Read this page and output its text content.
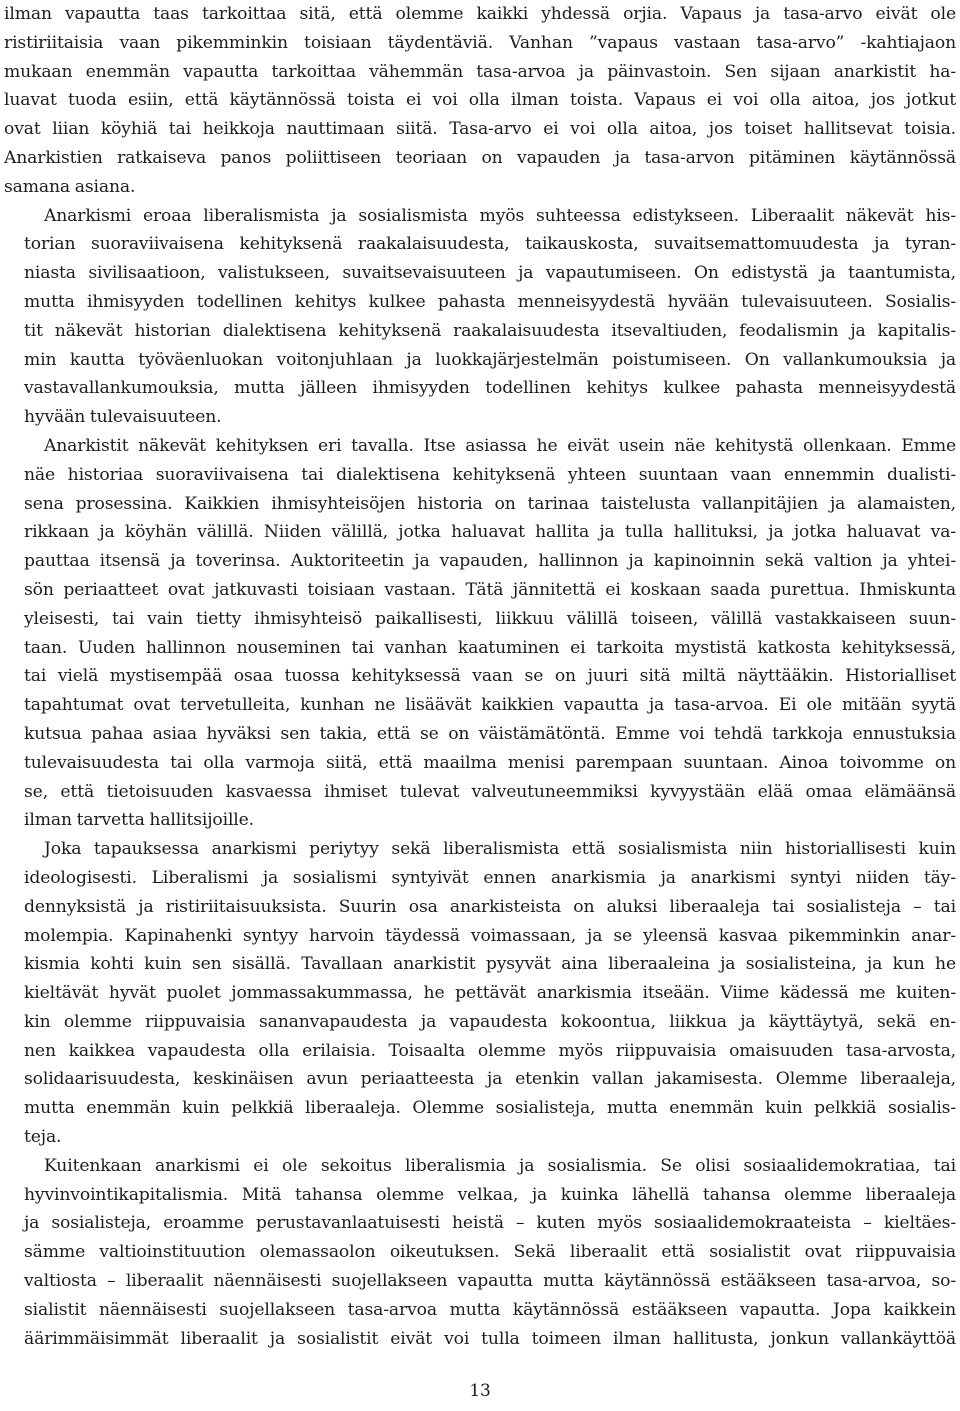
ilman vapautta taas tarkoittaa sitä, että olemme kaikki yhdessä orjia. Vapaus ja tasa-arvo eivät ole
ristiriitaisia vaan pikemminkin toisiaan täydentäviä. Vanhan ”vapaus vastaan tasa-arvo” -kahtiajaon
mukaan enemmän vapautta tarkoittaa vähemmän tasa-arvoa ja päinvastoin. Sen sijaan anarkistit ha-
luavat tuoda esiin, että käytännössä toista ei voi olla ilman toista. Vapaus ei voi olla aitoa, jos jotkut
ovat liian köyhiä tai heikkoja nauttimaan siitä. Tasa-arvo ei voi olla aitoa, jos toiset hallitsevat toisia.
Anarkistien ratkaiseva panos poliittiseen teoriaan on vapauden ja tasa-arvon pitäminen käytännössä
samana asiana.
Anarkismi eroaa liberalismista ja sosialismista myös suhteessa edistykseen. Liberaalit näkevät his-
torian suoraviivaisena kehityksenä raakalaisuudesta, taikauskosta, suvaitsemattomuudesta ja tyran-
niasta sivilisaatioon, valistukseen, suvaitsevaisuuteen ja vapautumiseen. On edistystä ja taantumista,
mutta ihmisyyden todellinen kehitys kulkee pahasta menneisyydestä hyvään tulevaisuuteen. Sosialis-
tit näkevät historian dialektisena kehityksenä raakalaisuudesta itsevaltiuden, feodalismin ja kapitalis-
min kautta työväenluokan voitonjuhlaan ja luokkajärjestelmän poistumiseen. On vallankumouksia ja
vastavallankumouksia, mutta jälleen ihmisyyden todellinen kehitys kulkee pahasta menneisyydestä
hyvään tulevaisuuteen.
Anarkistit näkevät kehityksen eri tavalla. Itse asiassa he eivät usein näe kehitystä ollenkaan. Emme
näe historiaa suoraviivaisena tai dialektisena kehityksenä yhteen suuntaan vaan ennemmin dualisti-
sena prosessina. Kaikkien ihmisyhteisöjen historia on tarinaa taistelusta vallanpitäjien ja alamaisten,
rikkaan ja köyhän välillä. Niiden välillä, jotka haluavat hallita ja tulla hallituksi, ja jotka haluavat va-
pauttaa itsensä ja toverinsa. Auktoriteetin ja vapauden, hallinnon ja kapinoinnin sekä valtion ja yhtei-
sön periaatteet ovat jatkuvasti toisiaan vastaan. Tätä jännitettä ei koskaan saada purettua. Ihmiskunta
yleisesti, tai vain tietty ihmisyhteisö paikallisesti, liikkuu välillä toiseen, välillä vastakkaiseen suun-
taan. Uuden hallinnon nouseminen tai vanhan kaatuminen ei tarkoita mystistä katkosta kehityksessä,
tai vielä mystisempää osaa tuossa kehityksessä vaan se on juuri sitä miltä näyttääkin. Historialliset
tapahtumat ovat tervetulleita, kunhan ne lisäävät kaikkien vapautta ja tasa-arvoa. Ei ole mitään syytä
kutsua pahaa asiaa hyväksi sen takia, että se on väistämätöntä. Emme voi tehdä tarkkoja ennustuksia
tulevaisuudesta tai olla varmoja siitä, että maailma menisi parempaan suuntaan. Ainoa toivomme on
se, että tietoisuuden kasvaessa ihmiset tulevat valveutuneemmiksi kyvyystään elää omaa elämäänsä
ilman tarvetta hallitsijoille.
Joka tapauksessa anarkismi periytyy sekä liberalismista että sosialismista niin historiallisesti kuin
ideologisesti. Liberalismi ja sosialismi syntyivät ennen anarkismia ja anarkismi syntyi niiden täy-
dennyksistä ja ristiriitaisuuksista. Suurin osa anarkisteista on aluksi liberaaleja tai sosialisteja – tai
molempia. Kapinahenki syntyy harvoin täydessä voimassaan, ja se yleensä kasvaa pikemminkin anar-
kismia kohti kuin sen sisällä. Tavallaan anarkistit pysyvät aina liberaaleina ja sosialisteina, ja kun he
kieltävät hyvät puolet jommassakummassa, he pettävät anarkismia itseään. Viime kädessä me kuiten-
kin olemme riippuvaisia sananvapaudesta ja vapaudesta kokoontua, liikkua ja käyttäytyä, sekä en-
nen kaikkea vapaudesta olla erilaisia. Toisaalta olemme myös riippuvaisia omaisuuden tasa-arvosta,
solidaarisuudesta, keskinäisen avun periaatteesta ja etenkin vallan jakamisesta. Olemme liberaaleja,
mutta enemmän kuin pelkkiä liberaaleja. Olemme sosialisteja, mutta enemmän kuin pelkkiä sosialis-
teja.
Kuitenkaan anarkismi ei ole sekoitus liberalismia ja sosialismia. Se olisi sosiaalidemokratiaa, tai
hyvinvointikapitalismia. Mitä tahansa olemme velkaa, ja kuinka lähellä tahansa olemme liberaaleja
ja sosialisteja, eroamme perustavanlaatuisesti heistä – kuten myös sosiaalidemokraateista – kieltäes-
sämme valtioinstituution olemassaolon oikeutuksen. Sekä liberaalit että sosialistit ovat riippuvaisia
valtiosta – liberaalit näennäisesti suojellakseen vapautta mutta käytännössä estääkseen tasa-arvoa, so-
sialistit näennäisesti suojellakseen tasa-arvoa mutta käytännössä estääkseen vapautta. Jopa kaikkein
äärimmäisimmät liberaalit ja sosialistit eivät voi tulla toimeen ilman hallitusta, jonkun vallankäyttöä
13
